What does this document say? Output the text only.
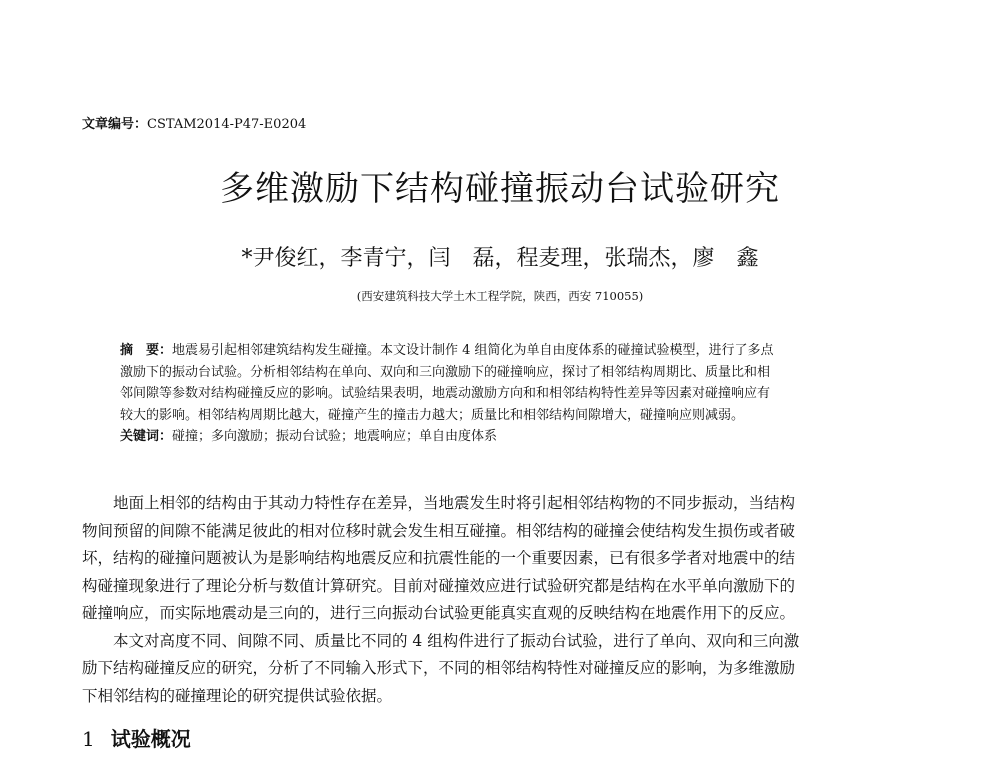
文章编号：CSTAM2014-P47-E0204
多维激励下结构碰撞振动台试验研究
*尹俊红，李青宁，闫　磊，程麦理，张瑞杰，廖　鑫
(西安建筑科技大学土木工程学院，陕西，西安 710055)
摘　要：地震易引起相邻建筑结构发生碰撞。本文设计制作 4 组简化为单自由度体系的碰撞试验模型，进行了多点
激励下的振动台试验。分析相邻结构在单向、双向和三向激励下的碰撞响应，探讨了相邻结构周期比、质量比和相
邻间隙等参数对结构碰撞反应的影响。试验结果表明，地震动激励方向和和相邻结构特性差异等因素对碰撞响应有
较大的影响。相邻结构周期比越大，碰撞产生的撞击力越大；质量比和相邻结构间隙增大，碰撞响应则减弱。
关键词：碰撞；多向激励；振动台试验；地震响应；单自由度体系
　　地面上相邻的结构由于其动力特性存在差异，当地震发生时将引起相邻结构物的不同步振动，当结构
物间预留的间隙不能满足彼此的相对位移时就会发生相互碰撞。相邻结构的碰撞会使结构发生损伤或者破
坏，结构的碰撞问题被认为是影响结构地震反应和抗震性能的一个重要因素，已有很多学者对地震中的结
构碰撞现象进行了理论分析与数值计算研究。目前对碰撞效应进行试验研究都是结构在水平单向激励下的
碰撞响应，而实际地震动是三向的，进行三向振动台试验更能真实直观的反映结构在地震作用下的反应。
　　本文对高度不同、间隙不同、质量比不同的 4 组构件进行了振动台试验，进行了单向、双向和三向激
励下结构碰撞反应的研究，分析了不同输入形式下，不同的相邻结构特性对碰撞反应的影响，为多维激励
下相邻结构的碰撞理论的研究提供试验依据。
1 试验概况
